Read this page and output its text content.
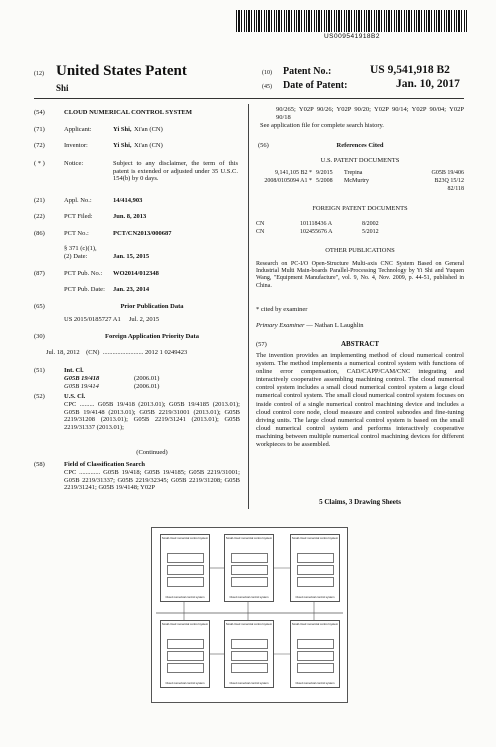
US009541918B2
(12) United States Patent
Shi
(10) Patent No.:	US 9,541,918 B2
(45) Date of Patent:	Jan. 10, 2017
(54)	CLOUD NUMERICAL CONTROL SYSTEM
(71)	Applicant:	Yi Shi, Xi'an (CN)
(72)	Inventor:	Yi Shi, Xi'an (CN)
( * )	Notice:	Subject to any disclaimer, the term of this patent is extended or adjusted under 35 U.S.C. 154(b) by 0 days.
(21)	Appl. No.:	14/414,903
(22)	PCT Filed:	Jun. 8, 2013
(86)	PCT No.:	PCT/CN2013/000687
§ 371 (c)(1),
(2) Date:	Jan. 15, 2015
(87)	PCT Pub. No.: WO2014/012348
PCT Pub. Date: Jan. 23, 2014
(65)	Prior Publication Data
US 2015/0185727 A1     Jul. 2, 2015
(30)	Foreign Application Priority Data
Jul. 18, 2012    (CN)  ......................... 2012 1 0249423
(51)	Int. Cl.
G05B 19/418	(2006.01)
G05B 19/414	(2006.01)
(52)	U.S. Cl.
CPC ......... G05B 19/418 (2013.01); G05B 19/4185 (2013.01); G05B 19/4148 (2013.01); G05B 2219/31001 (2013.01); G05B 2219/31208 (2013.01); G05B 2219/31241 (2013.01); G05B 2219/31337 (2013.01);
(Continued)
(58)	Field of Classification Search
CPC ............. G05B 19/418; G05B 19/4185; G05B 2219/31001; G05B 2219/31337; G05B 2219/32345; G05B 2219/31208; G05B 2219/31241; G05B 19/4148; Y02P
90/265; Y02P 90/26; Y02P 90/20; Y02P 90/14; Y02P 90/04; Y02P 90/18
See application file for complete search history.
(56)	References Cited
U.S. PATENT DOCUMENTS
9,141,105 B2 * 9/2015 Trepina	G05B 19/406
2008/0105094 A1 * 5/2008 McMurtry	B23Q 15/12
82/118
FOREIGN PATENT DOCUMENTS
CN	101118436 A	8/2002
CN	102455676 A	5/2012
OTHER PUBLICATIONS
Research on PC-I/O Open-Structure Multi-axis CNC System Based on General Industrial Multi Main-boards Parallel-Processing Technology by Yi Shi and Yuquen Wang, "Equipment Manufacture", vol. 9, No. 4, Nov. 2009, p. 44-51, published in China.
* cited by examiner
Primary Examiner — Nathan L Laughlin
(57)	ABSTRACT
The invention provides an implementing method of cloud numerical control system. The method implements a numerical control system with functions of online error compensation, CAD/CAPP/CAM/CNC integrating and interactively cooperative assembling machining control. The cloud numerical control system includes a small cloud numerical control system a large cloud numerical control system. The small cloud numerical control system focuses on inside control of a single numerical control machining device and includes a cloud control core node, cloud measure and control subnodes and fine-tuning driving units. The large cloud numerical control system is based on the small cloud numerical control system and performs interactively cooperative machining between multiple numerical control machining devices for different workpieces to be assembled.
5 Claims, 3 Drawing Sheets
Small cloud numerical control system
Cloud numerical control system
Small cloud numerical control system
Cloud numerical control system
Small cloud numerical control system
Cloud numerical control system
Small cloud numerical control system
Cloud numerical control system
Small cloud numerical control system
Cloud numerical control system
Small cloud numerical control system
Cloud numerical control system
